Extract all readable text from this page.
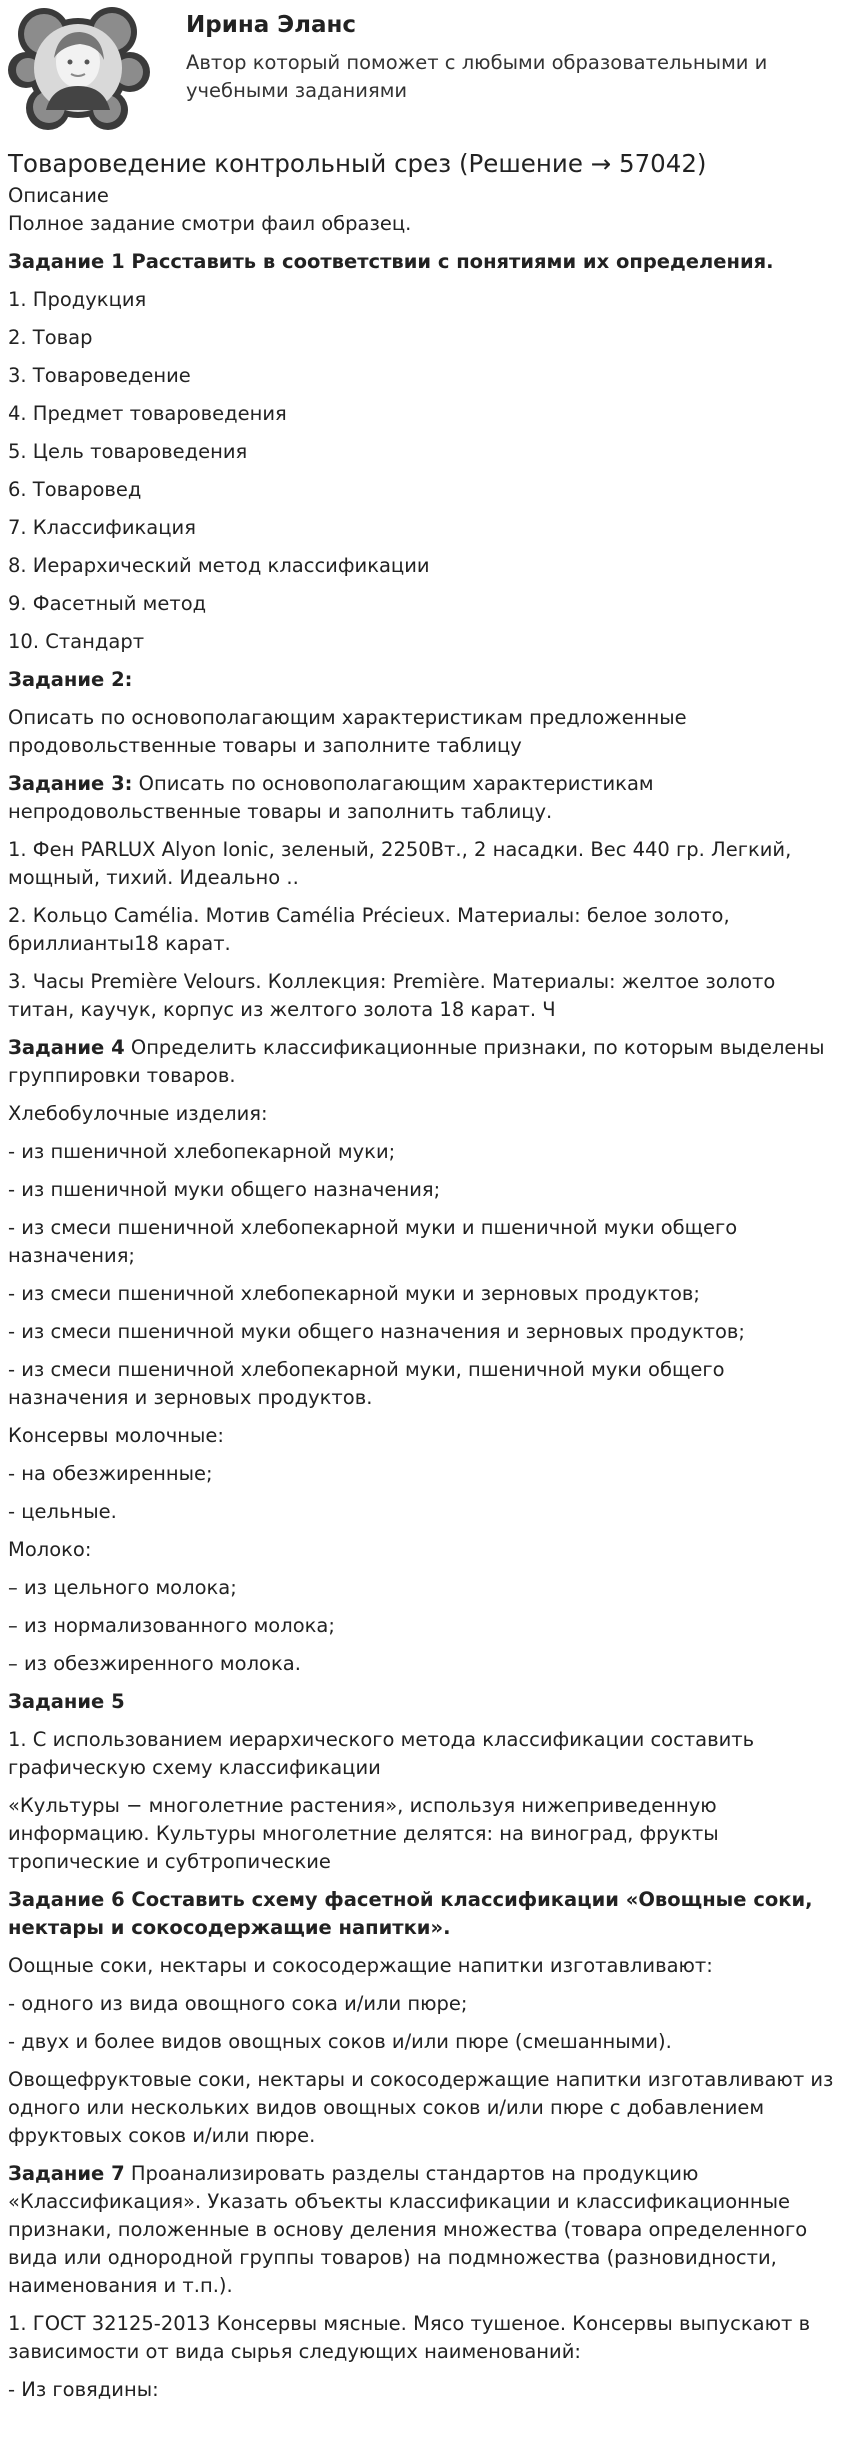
Ирина Эланс
Автор который поможет с любыми образовательными и учебными заданиями
Товароведение контрольный срез (Решение → 57042)
Описание
Полное задание смотри фаил образец.
Задание 1 Расставить в соответствии с понятиями их определения.
1. Продукция
2. Товар
3. Товароведение
4. Предмет товароведения
5. Цель товароведения
6. Товаровед
7. Классификация
8. Иерархический метод классификации
9. Фасетный метод
10. Стандарт
Задание 2:
Описать по основополагающим характеристикам предложенные продовольственные товары и заполните таблицу
Задание 3: Описать по основополагающим характеристикам непродовольственные товары и заполнить таблицу.
1. Фен PARLUX Alyon Ionic, зеленый, 2250Вт., 2 насадки. Вес 440 гр. Легкий, мощный, тихий. Идеально ..
2. Кольцо Camélia. Мотив Camélia Précieux. Материалы: белое золото, бриллианты18 карат.
3. Часы Première Velours. Коллекция: Première. Материалы: желтое золото титан, каучук, корпус из желтого золота 18 карат. Ч
Задание 4 Определить классификационные признаки, по которым выделены группировки товаров.
Хлебобулочные изделия:
- из пшеничной хлебопекарной муки;
- из пшеничной муки общего назначения;
- из смеси пшеничной хлебопекарной муки и пшеничной муки общего назначения;
- из смеси пшеничной хлебопекарной муки и зерновых продуктов;
- из смеси пшеничной муки общего назначения и зерновых продуктов;
- из смеси пшеничной хлебопекарной муки, пшеничной муки общего назначения и зерновых продуктов.
Консервы молочные:
- на обезжиренные;
- цельные.
Молоко:
– из цельного молока;
– из нормализованного молока;
– из обезжиренного молока.
Задание 5
1. С использованием иерархического метода классификации составить графическую схему классификации
«Культуры − многолетние растения», используя нижеприведенную информацию. Культуры многолетние делятся: на виноград, фрукты тропические и субтропические
Задание 6 Составить схему фасетной классификации «Овощные соки, нектары и сокосодержащие напитки».
Оощные соки, нектары и сокосодержащие напитки изготавливают:
- одного из вида овощного сока и/или пюре;
- двух и более видов овощных соков и/или пюре (смешанными).
Овощефруктовые соки, нектары и сокосодержащие напитки изготавливают из одного или нескольких видов овощных соков и/или пюре с добавлением фруктовых соков и/или пюре.
Задание 7 Проанализировать разделы стандартов на продукцию «Классификация». Указать объекты классификации и классификационные признаки, положенные в основу деления множества (товара определенного вида или однородной группы товаров) на подмножества (разновидности, наименования и т.п.).
1. ГОСТ 32125-2013 Консервы мясные. Мясо тушеное. Консервы выпускают в зависимости от вида сырья следующих наименований:
- Из говядины:
